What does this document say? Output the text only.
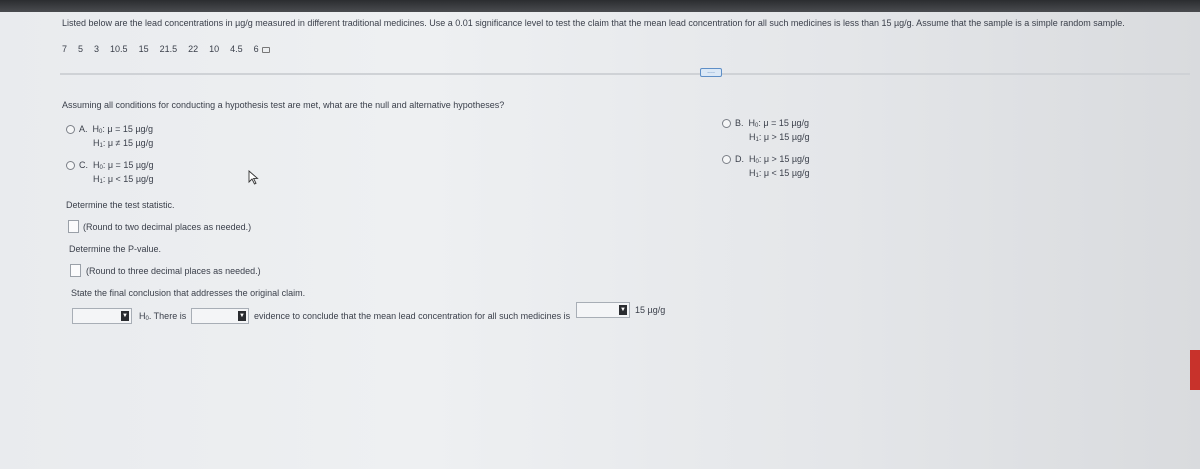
Listed below are the lead concentrations in µg/g measured in different traditional medicines. Use a 0.01 significance level to test the claim that the mean lead concentration for all such medicines is less than 15 µg/g. Assume that the sample is a simple random sample.
7 5 3 10.5 15 21.5 22 10 4.5 6
....
Assuming all conditions for conducting a hypothesis test are met, what are the null and alternative hypotheses?
A. H0: μ = 15 µg/g
H1: μ ≠ 15 µg/g
C. H0: μ = 15 µg/g
H1: μ < 15 µg/g
B. H0: μ = 15 µg/g
H1: μ > 15 µg/g
D. H0: μ > 15 µg/g
H1: μ < 15 µg/g
Determine the test statistic.
(Round to two decimal places as needed.)
Determine the P-value.
(Round to three decimal places as needed.)
State the final conclusion that addresses the original claim.
▼ H0. There is	▼ evidence to conclude that the mean lead concentration for all such medicines is
▼ 15 µg/g
